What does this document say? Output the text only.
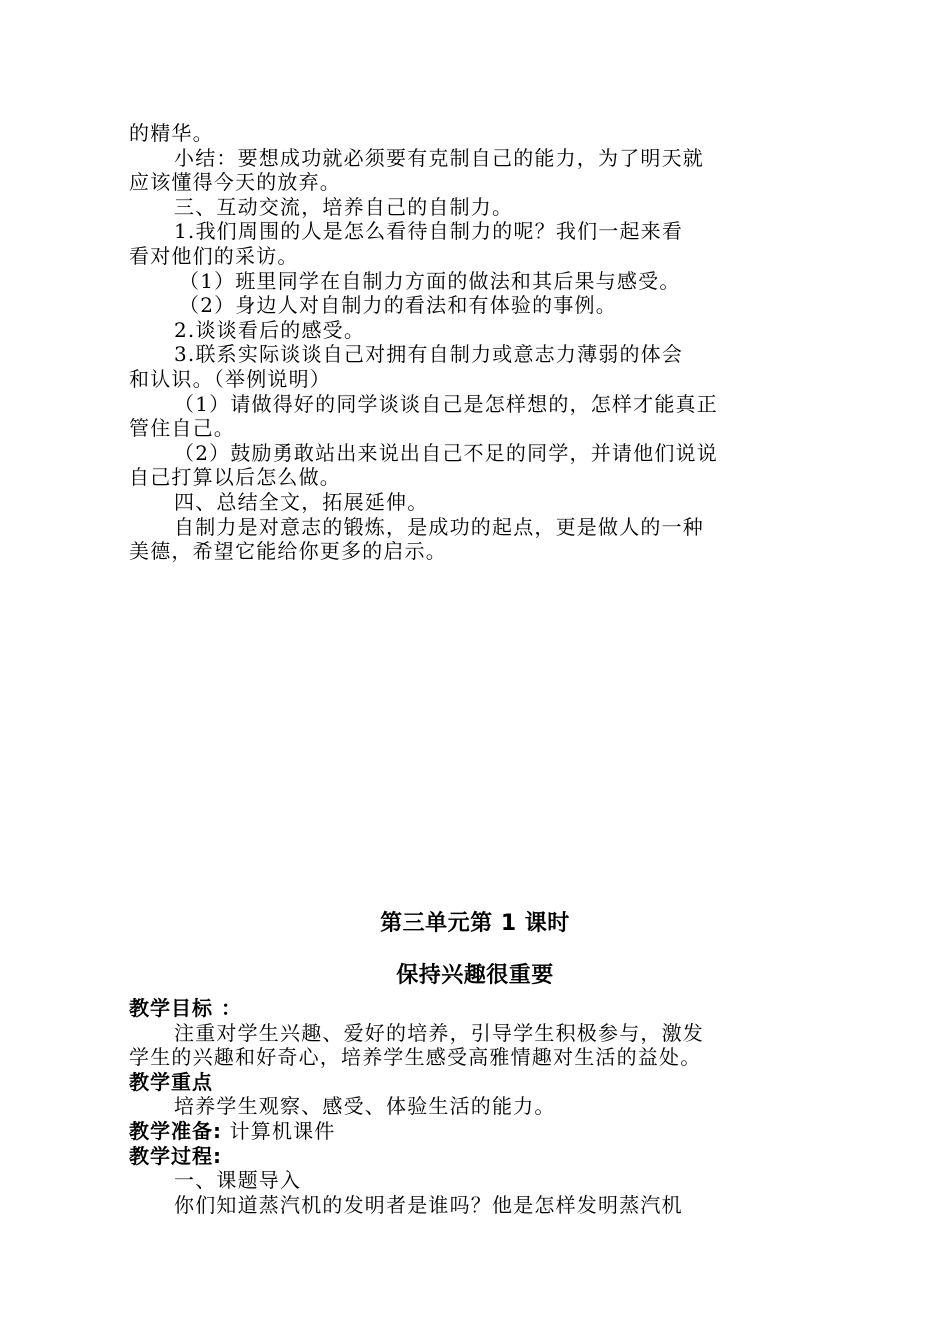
的精华。
小结：要想成功就必须要有克制自己的能力，为了明天就
应该懂得今天的放弃。
三、互动交流，培养自己的自制力。
1.我们周围的人是怎么看待自制力的呢？我们一起来看
看对他们的采访。
（1）班里同学在自制力方面的做法和其后果与感受。
（2）身边人对自制力的看法和有体验的事例。
2.谈谈看后的感受。
3.联系实际谈谈自己对拥有自制力或意志力薄弱的体会
和认识。（举例说明）
（1）请做得好的同学谈谈自己是怎样想的，怎样才能真正
管住自己。
（2）鼓励勇敢站出来说出自己不足的同学，并请他们说说
自己打算以后怎么做。
四、总结全文，拓展延伸。
自制力是对意志的锻炼，是成功的起点，更是做人的一种
美德，希望它能给你更多的启示。
第三单元第 1 课时
保持兴趣很重要
教学目标 ：
注重对学生兴趣、爱好的培养，引导学生积极参与，激发
学生的兴趣和好奇心，培养学生感受高雅情趣对生活的益处。
教学重点
培养学生观察、感受、体验生活的能力。
教学准备: 计算机课件
教学过程:
一、课题导入
你们知道蒸汽机的发明者是谁吗？他是怎样发明蒸汽机
